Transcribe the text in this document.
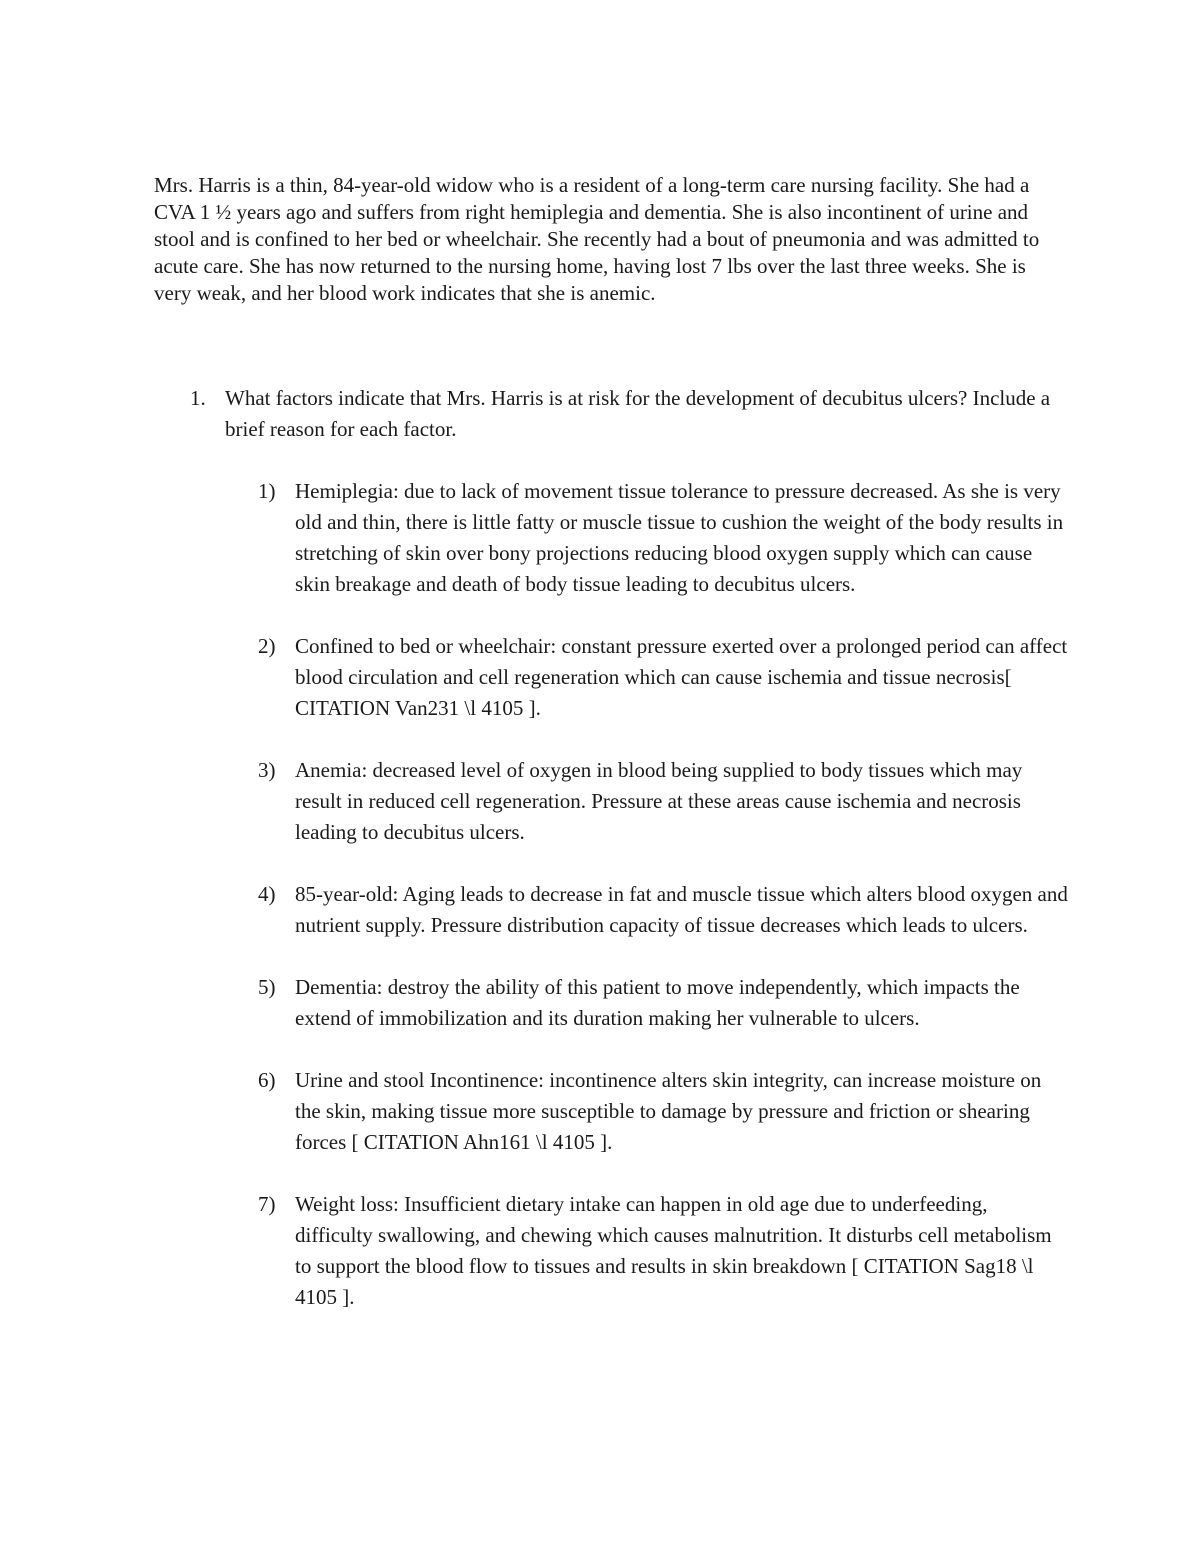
Mrs. Harris is a thin, 84-year-old widow who is a resident of a long-term care nursing facility. She had a CVA 1 ½ years ago and suffers from right hemiplegia and dementia. She is also incontinent of urine and stool and is confined to her bed or wheelchair. She recently had a bout of pneumonia and was admitted to acute care. She has now returned to the nursing home, having lost 7 lbs over the last three weeks. She is very weak, and her blood work indicates that she is anemic.

1. What factors indicate that Mrs. Harris is at risk for the development of decubitus ulcers? Include a brief reason for each factor.
1) Hemiplegia: due to lack of movement tissue tolerance to pressure decreased. As she is very old and thin, there is little fatty or muscle tissue to cushion the weight of the body results in stretching of skin over bony projections reducing blood oxygen supply which can cause skin breakage and death of body tissue leading to decubitus ulcers.
2) Confined to bed or wheelchair: constant pressure exerted over a prolonged period can affect blood circulation and cell regeneration which can cause ischemia and tissue necrosis[ CITATION Van231 \l 4105 ].
3) Anemia: decreased level of oxygen in blood being supplied to body tissues which may result in reduced cell regeneration. Pressure at these areas cause ischemia and necrosis leading to decubitus ulcers.
4) 85-year-old: Aging leads to decrease in fat and muscle tissue which alters blood oxygen and nutrient supply. Pressure distribution capacity of tissue decreases which leads to ulcers.
5) Dementia: destroy the ability of this patient to move independently, which impacts the extend of immobilization and its duration making her vulnerable to ulcers.
6) Urine and stool Incontinence: incontinence alters skin integrity, can increase moisture on the skin, making tissue more susceptible to damage by pressure and friction or shearing forces [ CITATION Ahn161 \l 4105 ].
7) Weight loss: Insufficient dietary intake can happen in old age due to underfeeding, difficulty swallowing, and chewing which causes malnutrition. It disturbs cell metabolism to support the blood flow to tissues and results in skin breakdown [ CITATION Sag18 \l 4105 ].
